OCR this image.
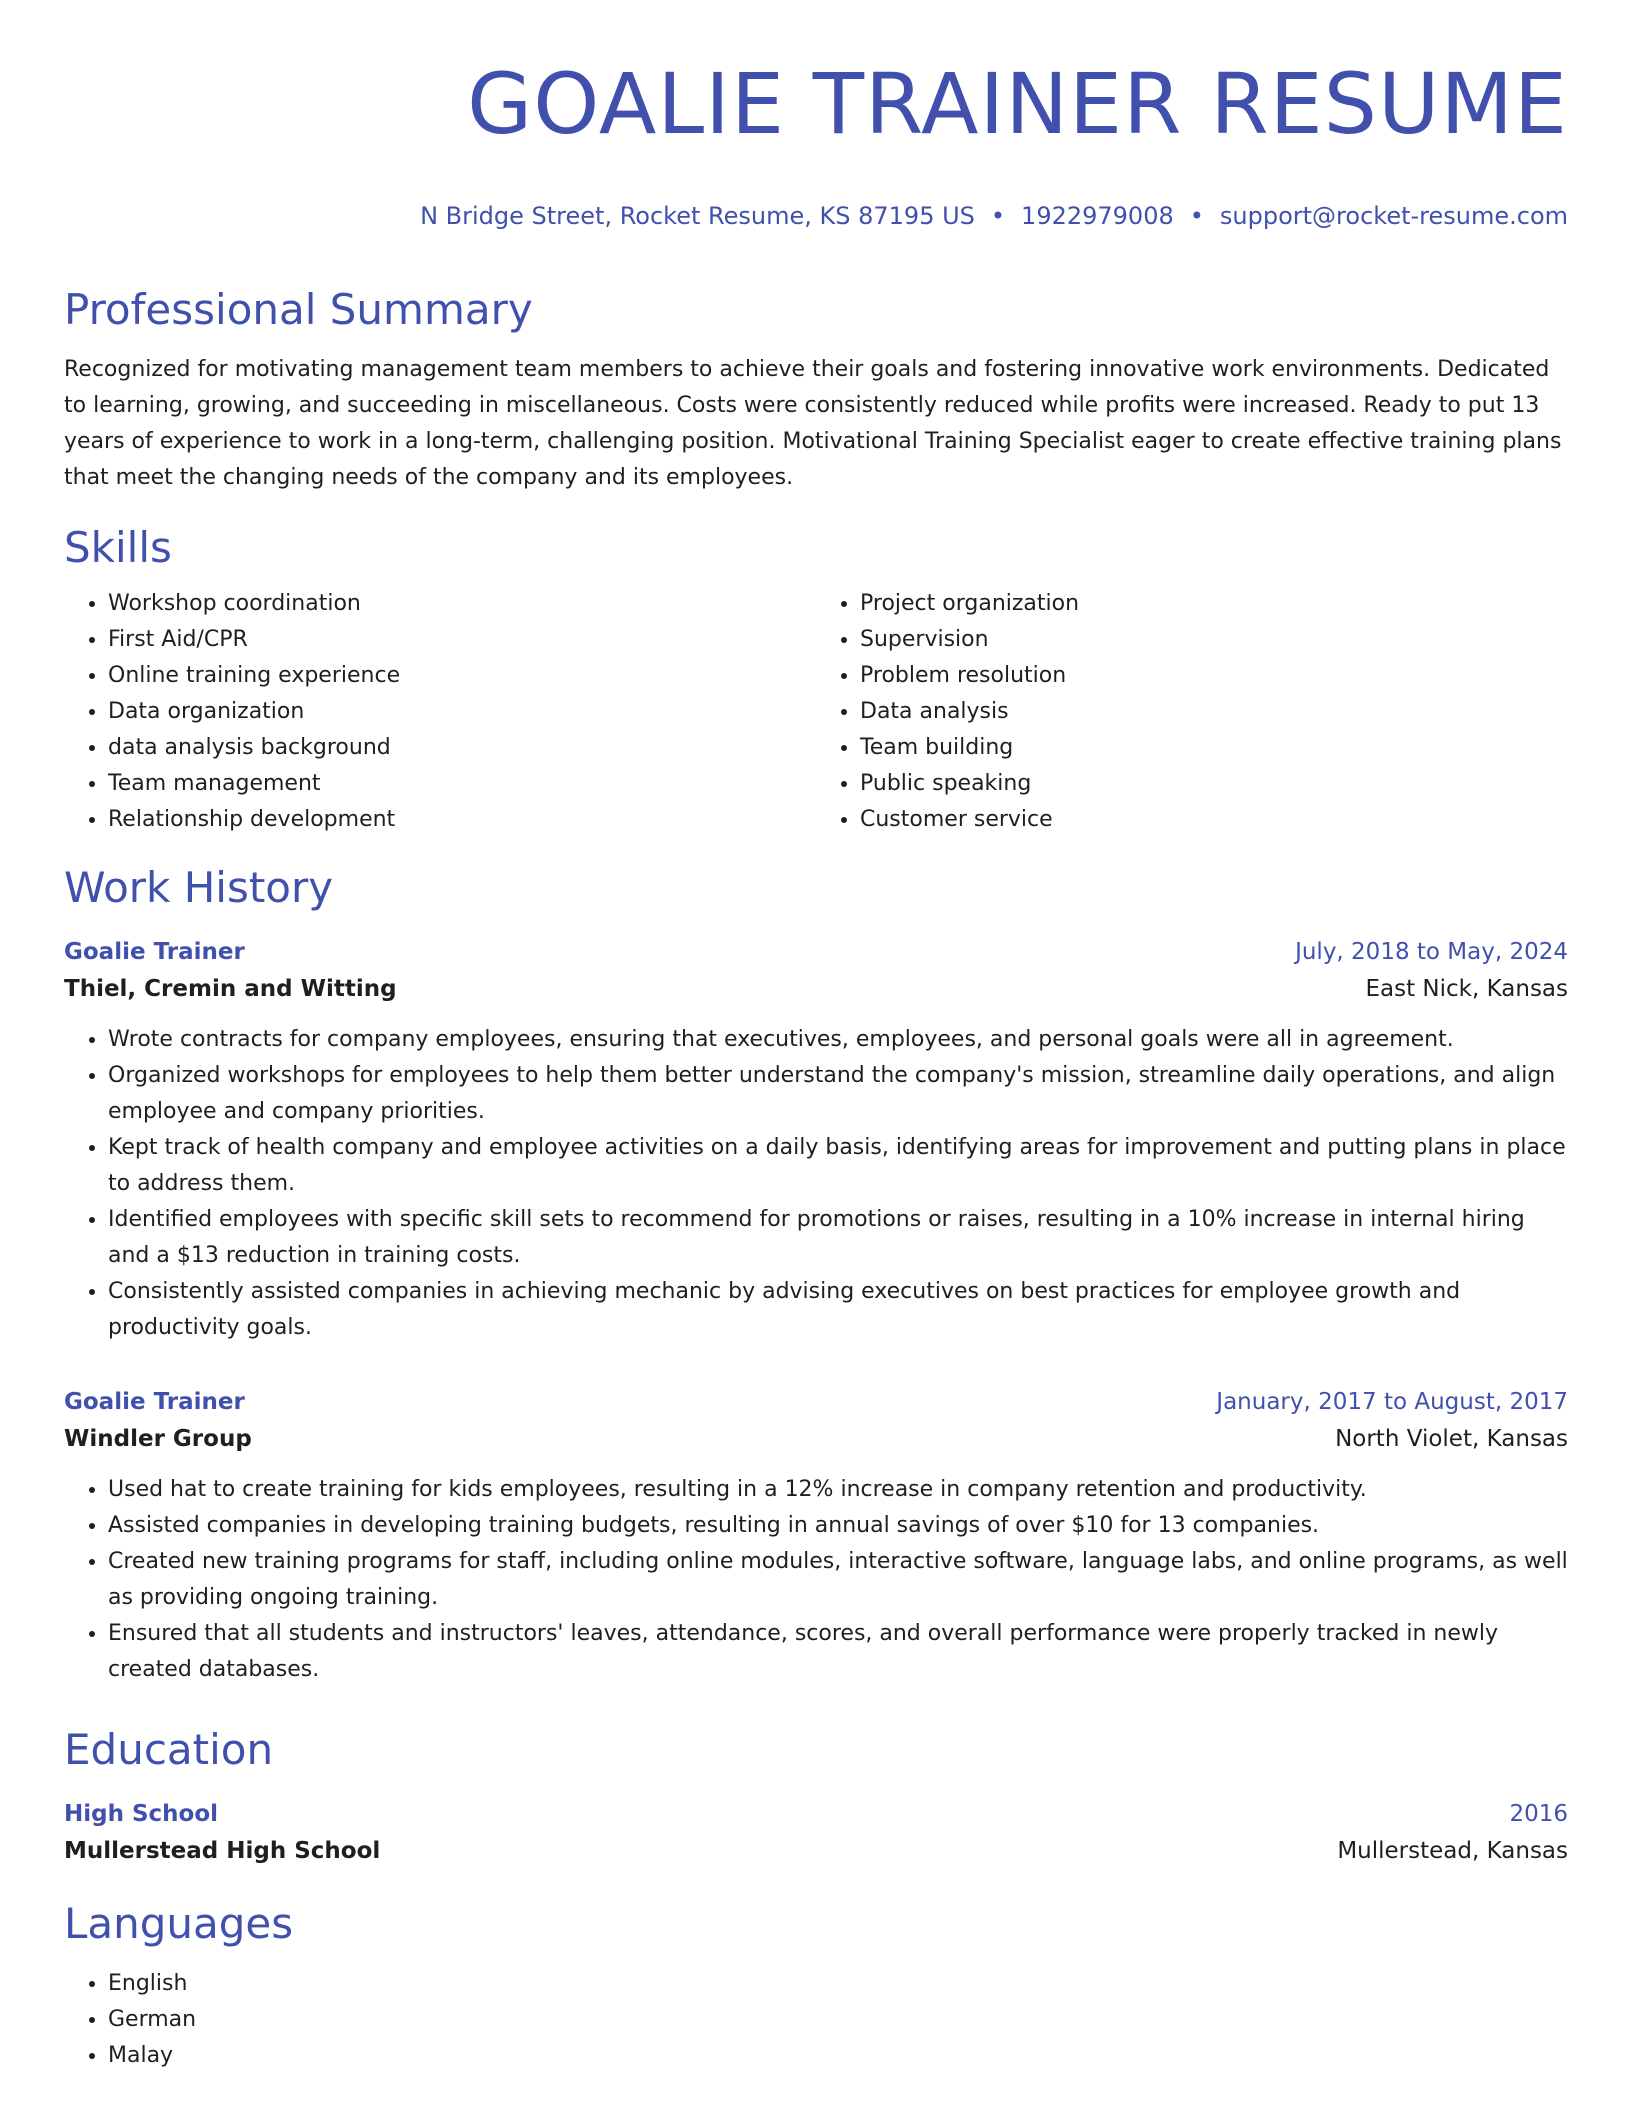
GOALIE TRAINER RESUME
N Bridge Street, Rocket Resume, KS 87195 US • 1922979008 • support@rocket-resume.com
Professional Summary

Recognized for motivating management team members to achieve their goals and fostering innovative work environments. Dedicated to learning, growing, and succeeding in miscellaneous. Costs were consistently reduced while profits were increased. Ready to put 13 years of experience to work in a long-term, challenging position. Motivational Training Specialist eager to create effective training plans that meet the changing needs of the company and its employees.

Skills
• Workshop coordination
• First Aid/CPR
• Online training experience
• Data organization
• data analysis background
• Team management
• Relationship development
• Project organization
• Supervision
• Problem resolution
• Data analysis
• Team building
• Public speaking
• Customer service
Work History
Goalie Trainer	July, 2018 to May, 2024
Thiel, Cremin and Witting	East Nick, Kansas
• Wrote contracts for company employees, ensuring that executives, employees, and personal goals were all in agreement.
• Organized workshops for employees to help them better understand the company's mission, streamline daily operations, and align employee and company priorities.
• Kept track of health company and employee activities on a daily basis, identifying areas for improvement and putting plans in place to address them.
• Identified employees with specific skill sets to recommend for promotions or raises, resulting in a 10% increase in internal hiring and a $13 reduction in training costs.
• Consistently assisted companies in achieving mechanic by advising executives on best practices for employee growth and productivity goals.
Goalie Trainer	January, 2017 to August, 2017
Windler Group	North Violet, Kansas
• Used hat to create training for kids employees, resulting in a 12% increase in company retention and productivity.
• Assisted companies in developing training budgets, resulting in annual savings of over $10 for 13 companies.
• Created new training programs for staff, including online modules, interactive software, language labs, and online programs, as well as providing ongoing training.
• Ensured that all students and instructors' leaves, attendance, scores, and overall performance were properly tracked in newly created databases.
Education
High School	2016
Mullerstead High School	Mullerstead, Kansas
Languages
• English
• German
• Malay
